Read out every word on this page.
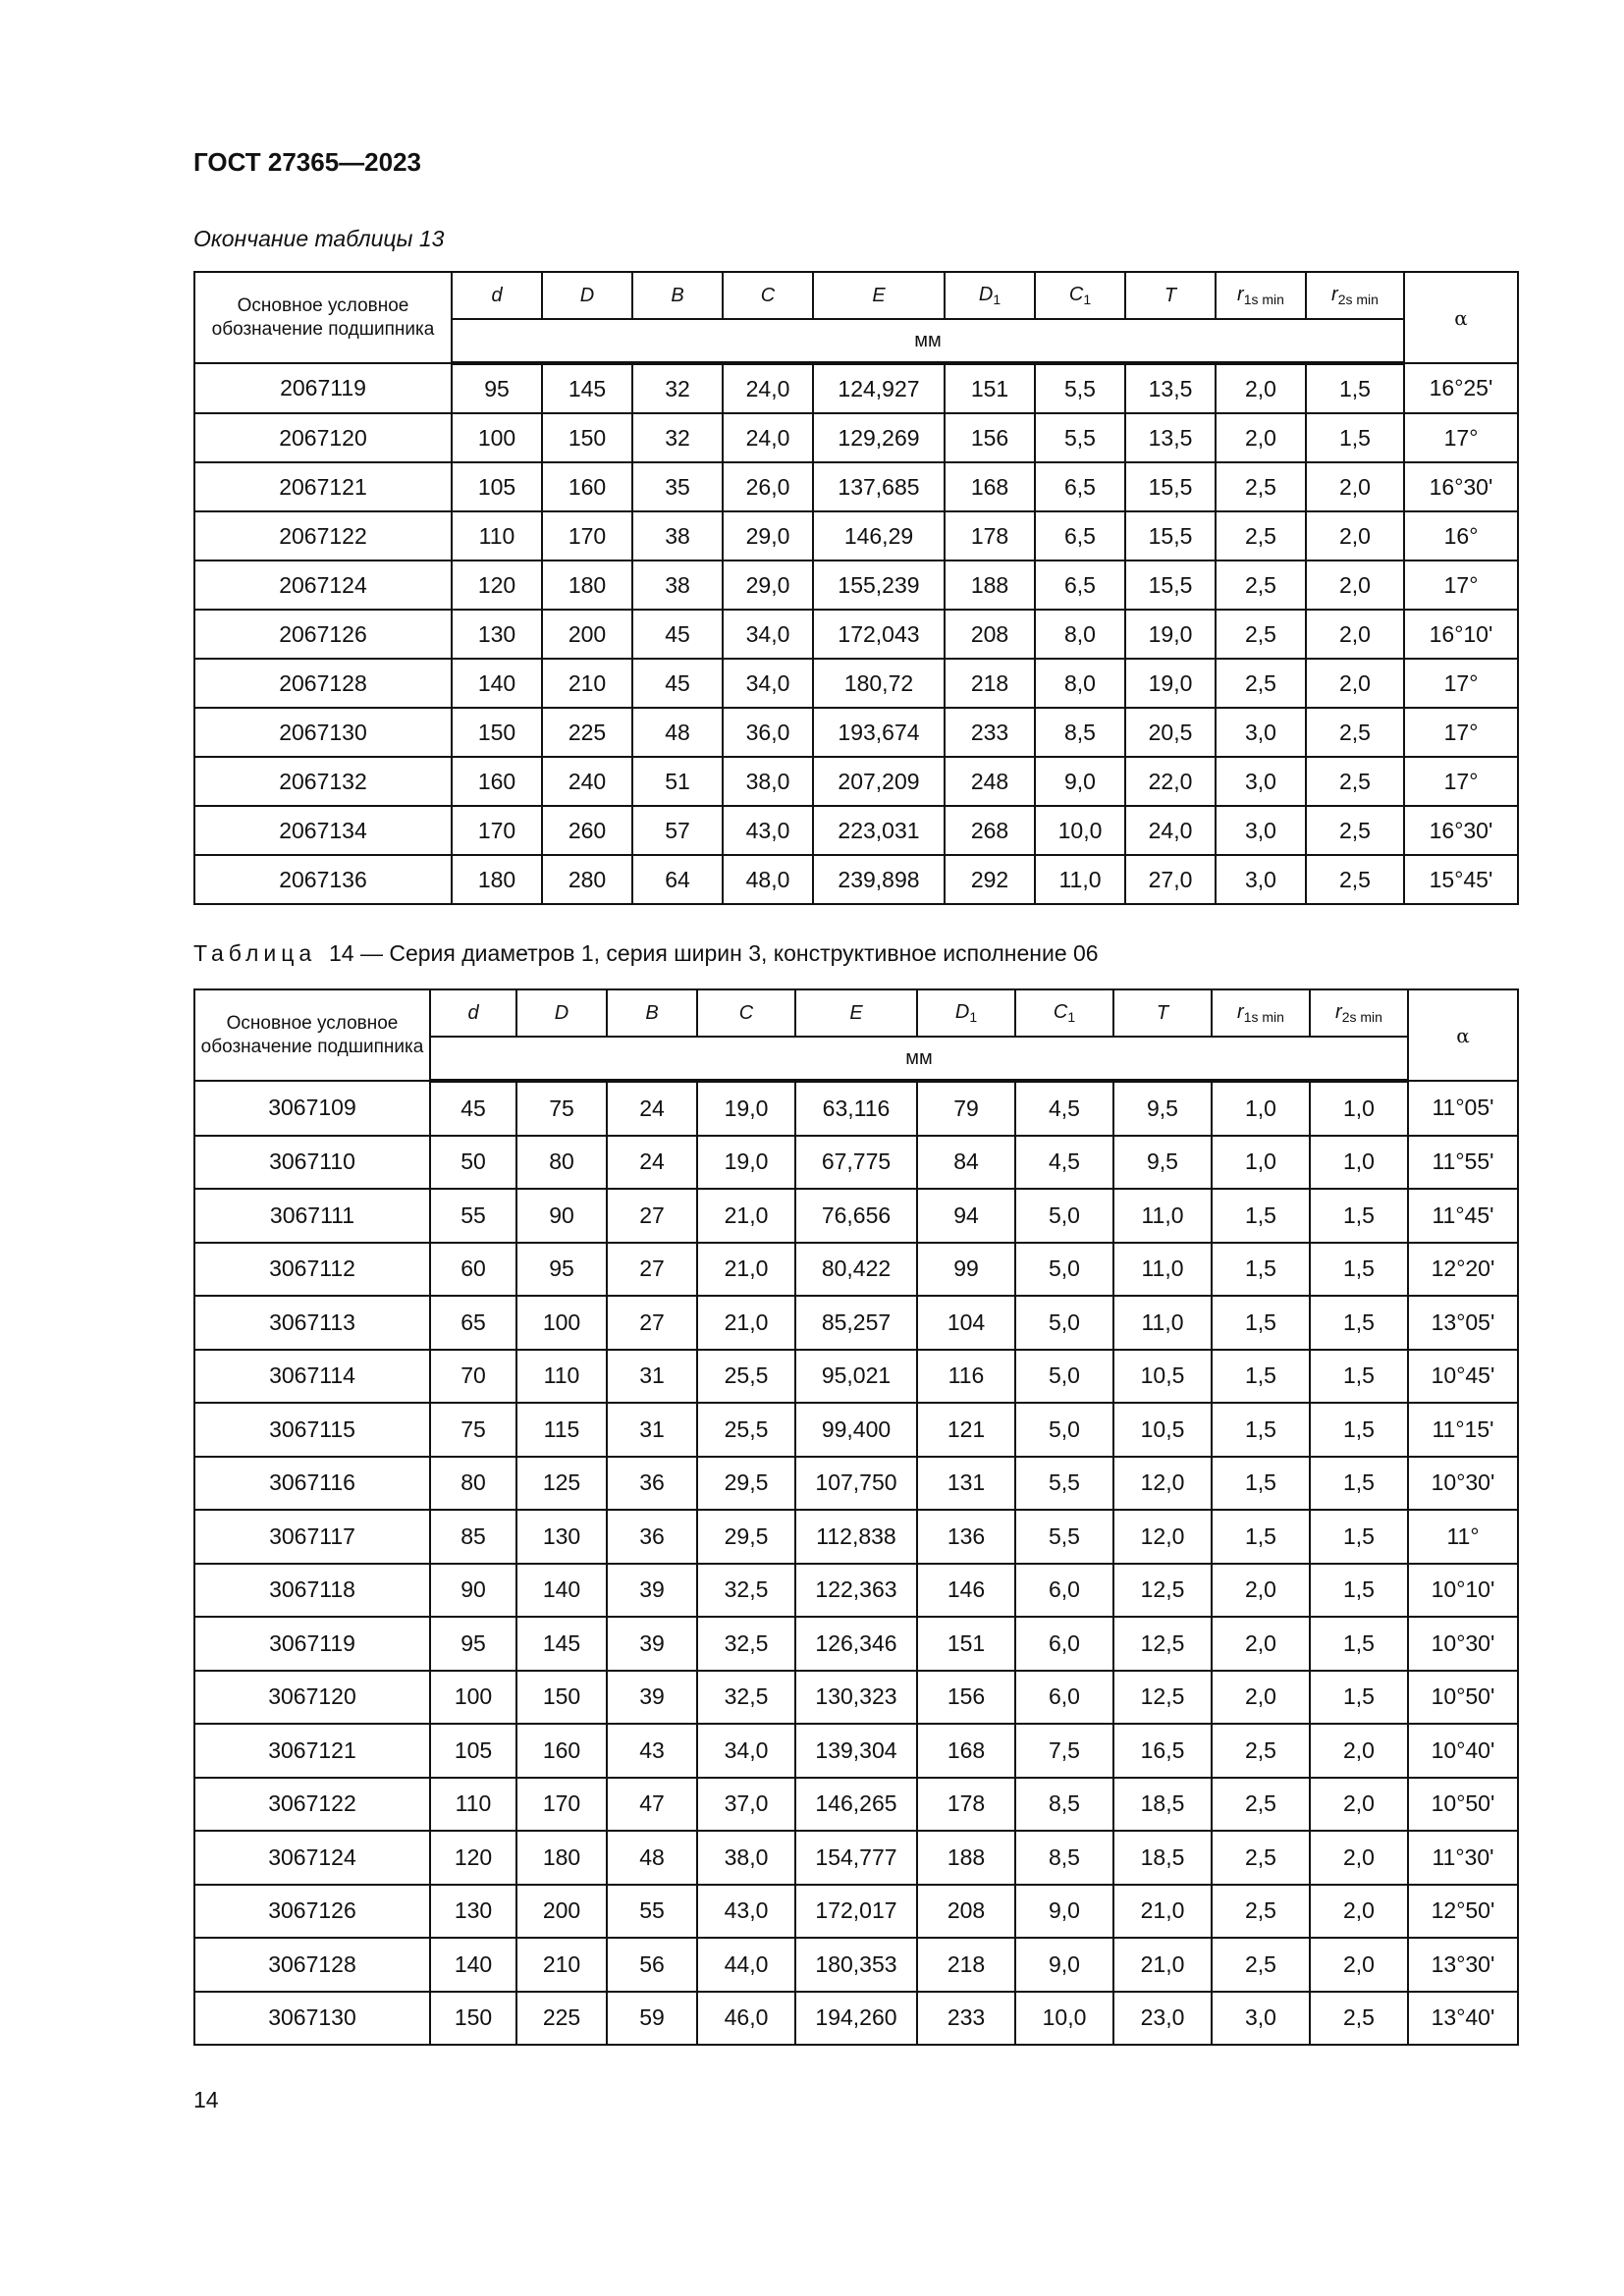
ГОСТ 27365—2023
Окончание таблицы 13
Основное условное обозначение подшипника	d	D	B	C	E	$D_1$	$C_1$	T	$r_{1s min}$	$r_{2s min}$	α
	мм										
2067119	95	145	32	24,0	124,927	151	5,5	13,5	2,0	1,5	16°25'
2067120	100	150	32	24,0	129,269	156	5,5	13,5	2,0	1,5	17°
2067121	105	160	35	26,0	137,685	168	6,5	15,5	2,5	2,0	16°30'
2067122	110	170	38	29,0	146,29	178	6,5	15,5	2,5	2,0	16°
2067124	120	180	38	29,0	155,239	188	6,5	15,5	2,5	2,0	17°
2067126	130	200	45	34,0	172,043	208	8,0	19,0	2,5	2,0	16°10'
2067128	140	210	45	34,0	180,72	218	8,0	19,0	2,5	2,0	17°
2067130	150	225	48	36,0	193,674	233	8,5	20,5	3,0	2,5	17°
2067132	160	240	51	38,0	207,209	248	9,0	22,0	3,0	2,5	17°
2067134	170	260	57	43,0	223,031	268	10,0	24,0	3,0	2,5	16°30'
2067136	180	280	64	48,0	239,898	292	11,0	27,0	3,0	2,5	15°45'
Таблица 14 — Серия диаметров 1, серия ширин 3, конструктивное исполнение 06
Основное условное обозначение подшипника	d	D	B	C	E	$D_1$	$C_1$	T	$r_{1s min}$	$r_{2s min}$	α
	мм										
3067109	45	75	24	19,0	63,116	79	4,5	9,5	1,0	1,0	11°05'
3067110	50	80	24	19,0	67,775	84	4,5	9,5	1,0	1,0	11°55'
3067111	55	90	27	21,0	76,656	94	5,0	11,0	1,5	1,5	11°45'
3067112	60	95	27	21,0	80,422	99	5,0	11,0	1,5	1,5	12°20'
3067113	65	100	27	21,0	85,257	104	5,0	11,0	1,5	1,5	13°05'
3067114	70	110	31	25,5	95,021	116	5,0	10,5	1,5	1,5	10°45'
3067115	75	115	31	25,5	99,400	121	5,0	10,5	1,5	1,5	11°15'
3067116	80	125	36	29,5	107,750	131	5,5	12,0	1,5	1,5	10°30'
3067117	85	130	36	29,5	112,838	136	5,5	12,0	1,5	1,5	11°
3067118	90	140	39	32,5	122,363	146	6,0	12,5	2,0	1,5	10°10'
3067119	95	145	39	32,5	126,346	151	6,0	12,5	2,0	1,5	10°30'
3067120	100	150	39	32,5	130,323	156	6,0	12,5	2,0	1,5	10°50'
3067121	105	160	43	34,0	139,304	168	7,5	16,5	2,5	2,0	10°40'
3067122	110	170	47	37,0	146,265	178	8,5	18,5	2,5	2,0	10°50'
3067124	120	180	48	38,0	154,777	188	8,5	18,5	2,5	2,0	11°30'
3067126	130	200	55	43,0	172,017	208	9,0	21,0	2,5	2,0	12°50'
3067128	140	210	56	44,0	180,353	218	9,0	21,0	2,5	2,0	13°30'
3067130	150	225	59	46,0	194,260	233	10,0	23,0	3,0	2,5	13°40'
14
